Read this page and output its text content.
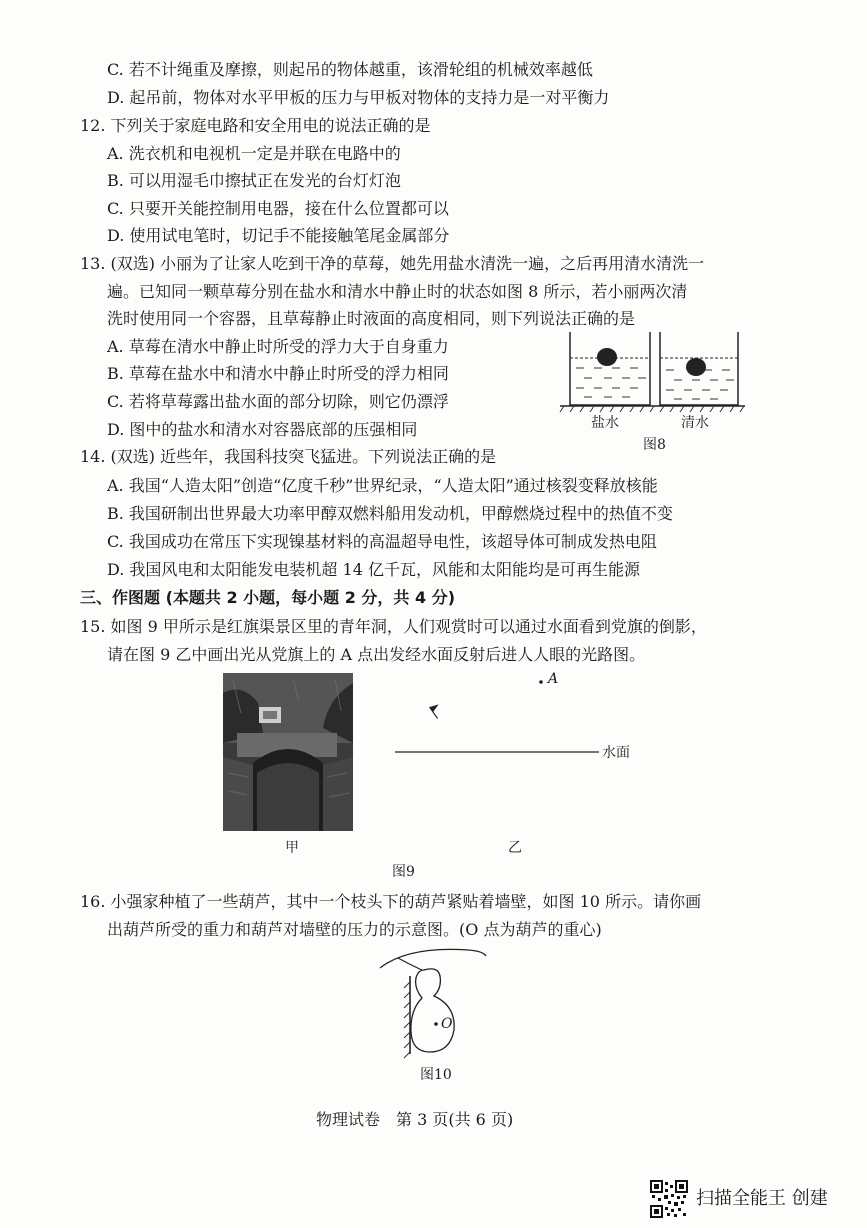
C. 若不计绳重及摩擦，则起吊的物体越重，该滑轮组的机械效率越低
D. 起吊前，物体对水平甲板的压力与甲板对物体的支持力是一对平衡力
12. 下列关于家庭电路和安全用电的说法正确的是
A. 洗衣机和电视机一定是并联在电路中的
B. 可以用湿毛巾擦拭正在发光的台灯灯泡
C. 只要开关能控制用电器，接在什么位置都可以
D. 使用试电笔时，切记手不能接触笔尾金属部分
13. (双选) 小丽为了让家人吃到干净的草莓，她先用盐水清洗一遍，之后再用清水清洗一
遍。已知同一颗草莓分别在盐水和清水中静止时的状态如图 8 所示，若小丽两次清
洗时使用同一个容器，且草莓静止时液面的高度相同，则下列说法正确的是
A. 草莓在清水中静止时所受的浮力大于自身重力
B. 草莓在盐水中和清水中静止时所受的浮力相同
C. 若将草莓露出盐水面的部分切除，则它仍漂浮
D. 图中的盐水和清水对容器底部的压强相同	盐水	清水
图8
14. (双选) 近些年，我国科技突飞猛进。下列说法正确的是
A. 我国“人造太阳”创造“亿度千秒”世界纪录，“人造太阳”通过核裂变释放核能
B. 我国研制出世界最大功率甲醇双燃料船用发动机，甲醇燃烧过程中的热值不变
C. 我国成功在常压下实现镍基材料的高温超导电性，该超导体可制成发热电阻
D. 我国风电和太阳能发电装机超 14 亿千瓦，风能和太阳能均是可再生能源
三、作图题 (本题共 2 小题，每小题 2 分，共 4 分)
15. 如图 9 甲所示是红旗渠景区里的青年洞，人们观赏时可以通过水面看到党旗的倒影，
请在图 9 乙中画出光从党旗上的 A 点出发经水面反射后进人人眼的光路图。
甲
A
水面
乙
图9
16. 小强家种植了一些葫芦，其中一个枝头下的葫芦紧贴着墙壁，如图 10 所示。请你画
出葫芦所受的重力和葫芦对墙壁的压力的示意图。(O 点为葫芦的重心)
O
图10
物理试卷　第 3 页(共 6 页)
扫描全能王 创建
